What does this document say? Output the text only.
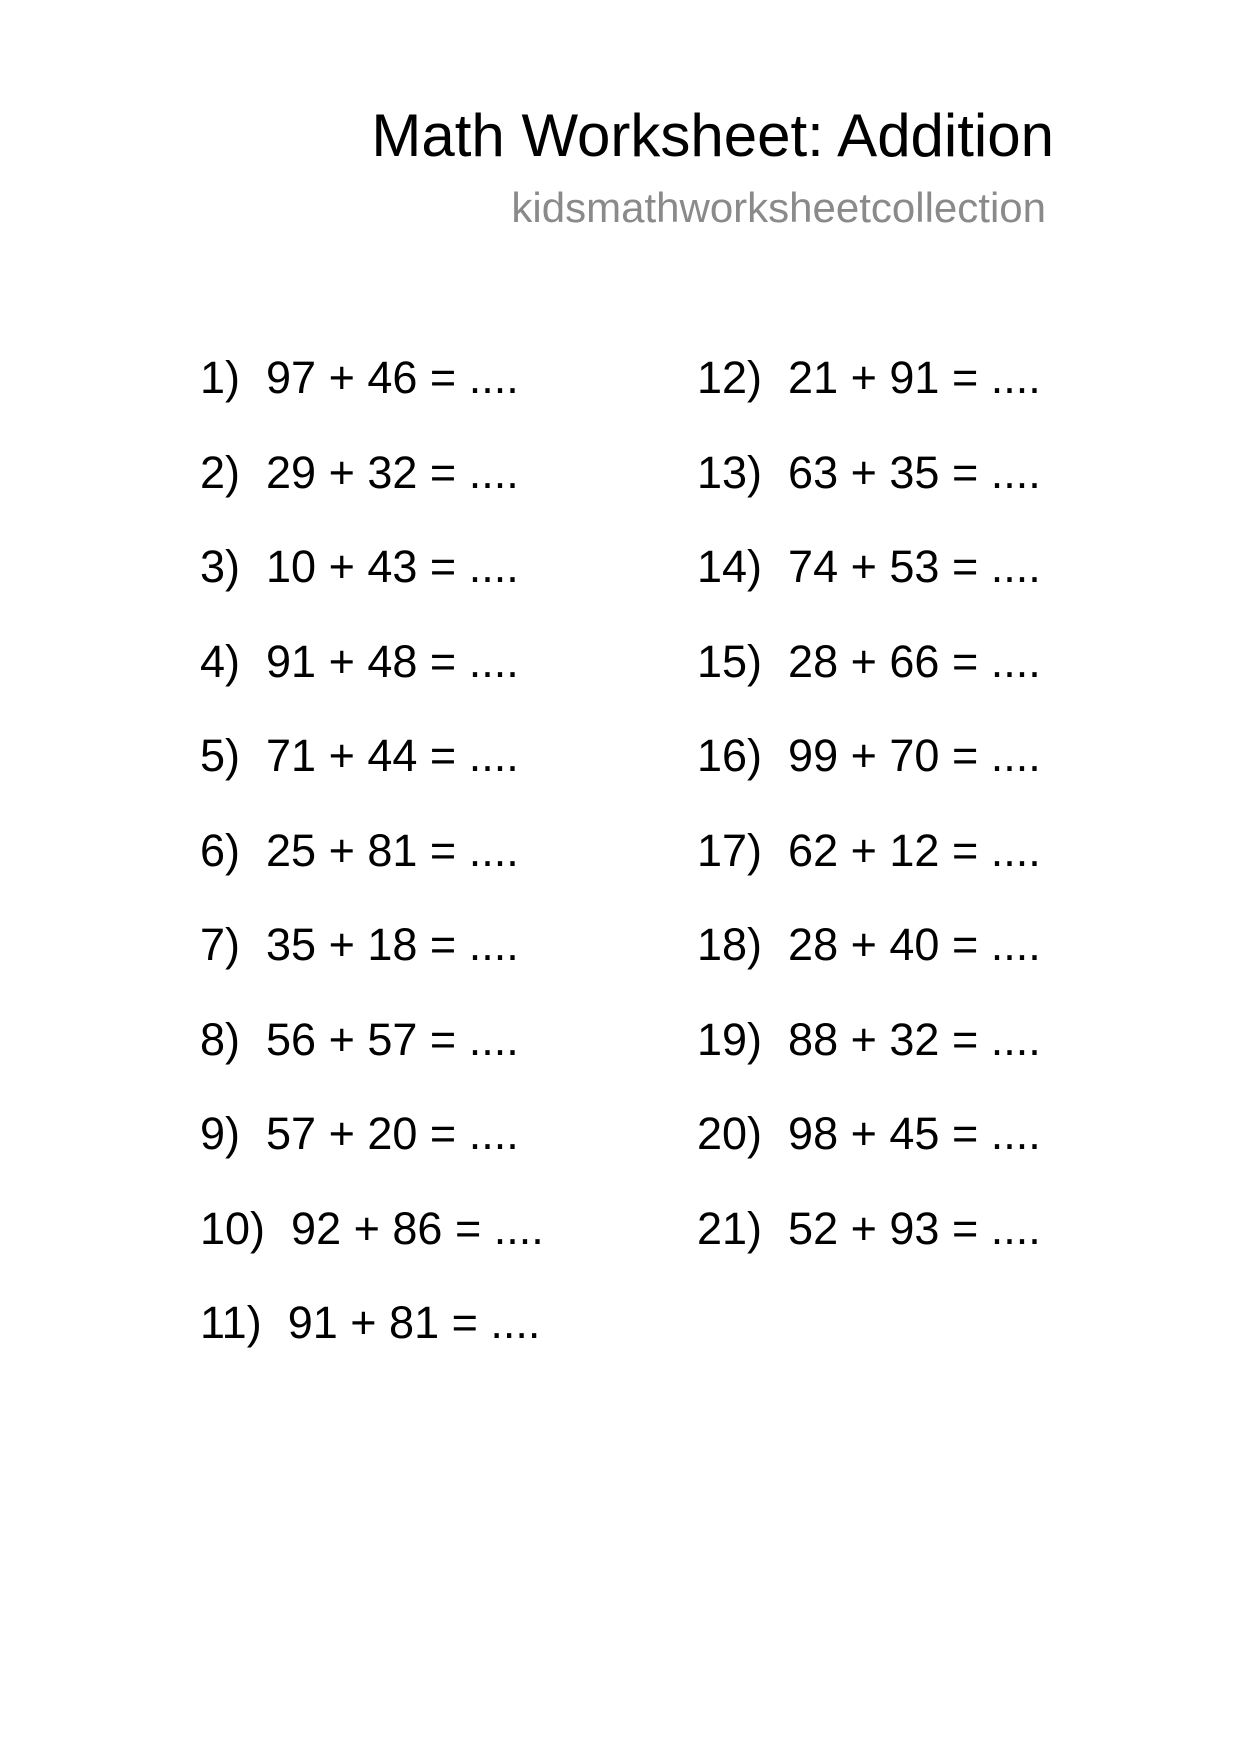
Math Worksheet: Addition
kidsmathworksheetcollection
1) 97 + 46 = ....
2) 29 + 32 = ....
3) 10 + 43 = ....
4) 91 + 48 = ....
5) 71 + 44 = ....
6) 25 + 81 = ....
7) 35 + 18 = ....
8) 56 + 57 = ....
9) 57 + 20 = ....
10) 92 + 86 = ....
11) 91 + 81 = ....
12) 21 + 91 = ....
13) 63 + 35 = ....
14) 74 + 53 = ....
15) 28 + 66 = ....
16) 99 + 70 = ....
17) 62 + 12 = ....
18) 28 + 40 = ....
19) 88 + 32 = ....
20) 98 + 45 = ....
21) 52 + 93 = ....
